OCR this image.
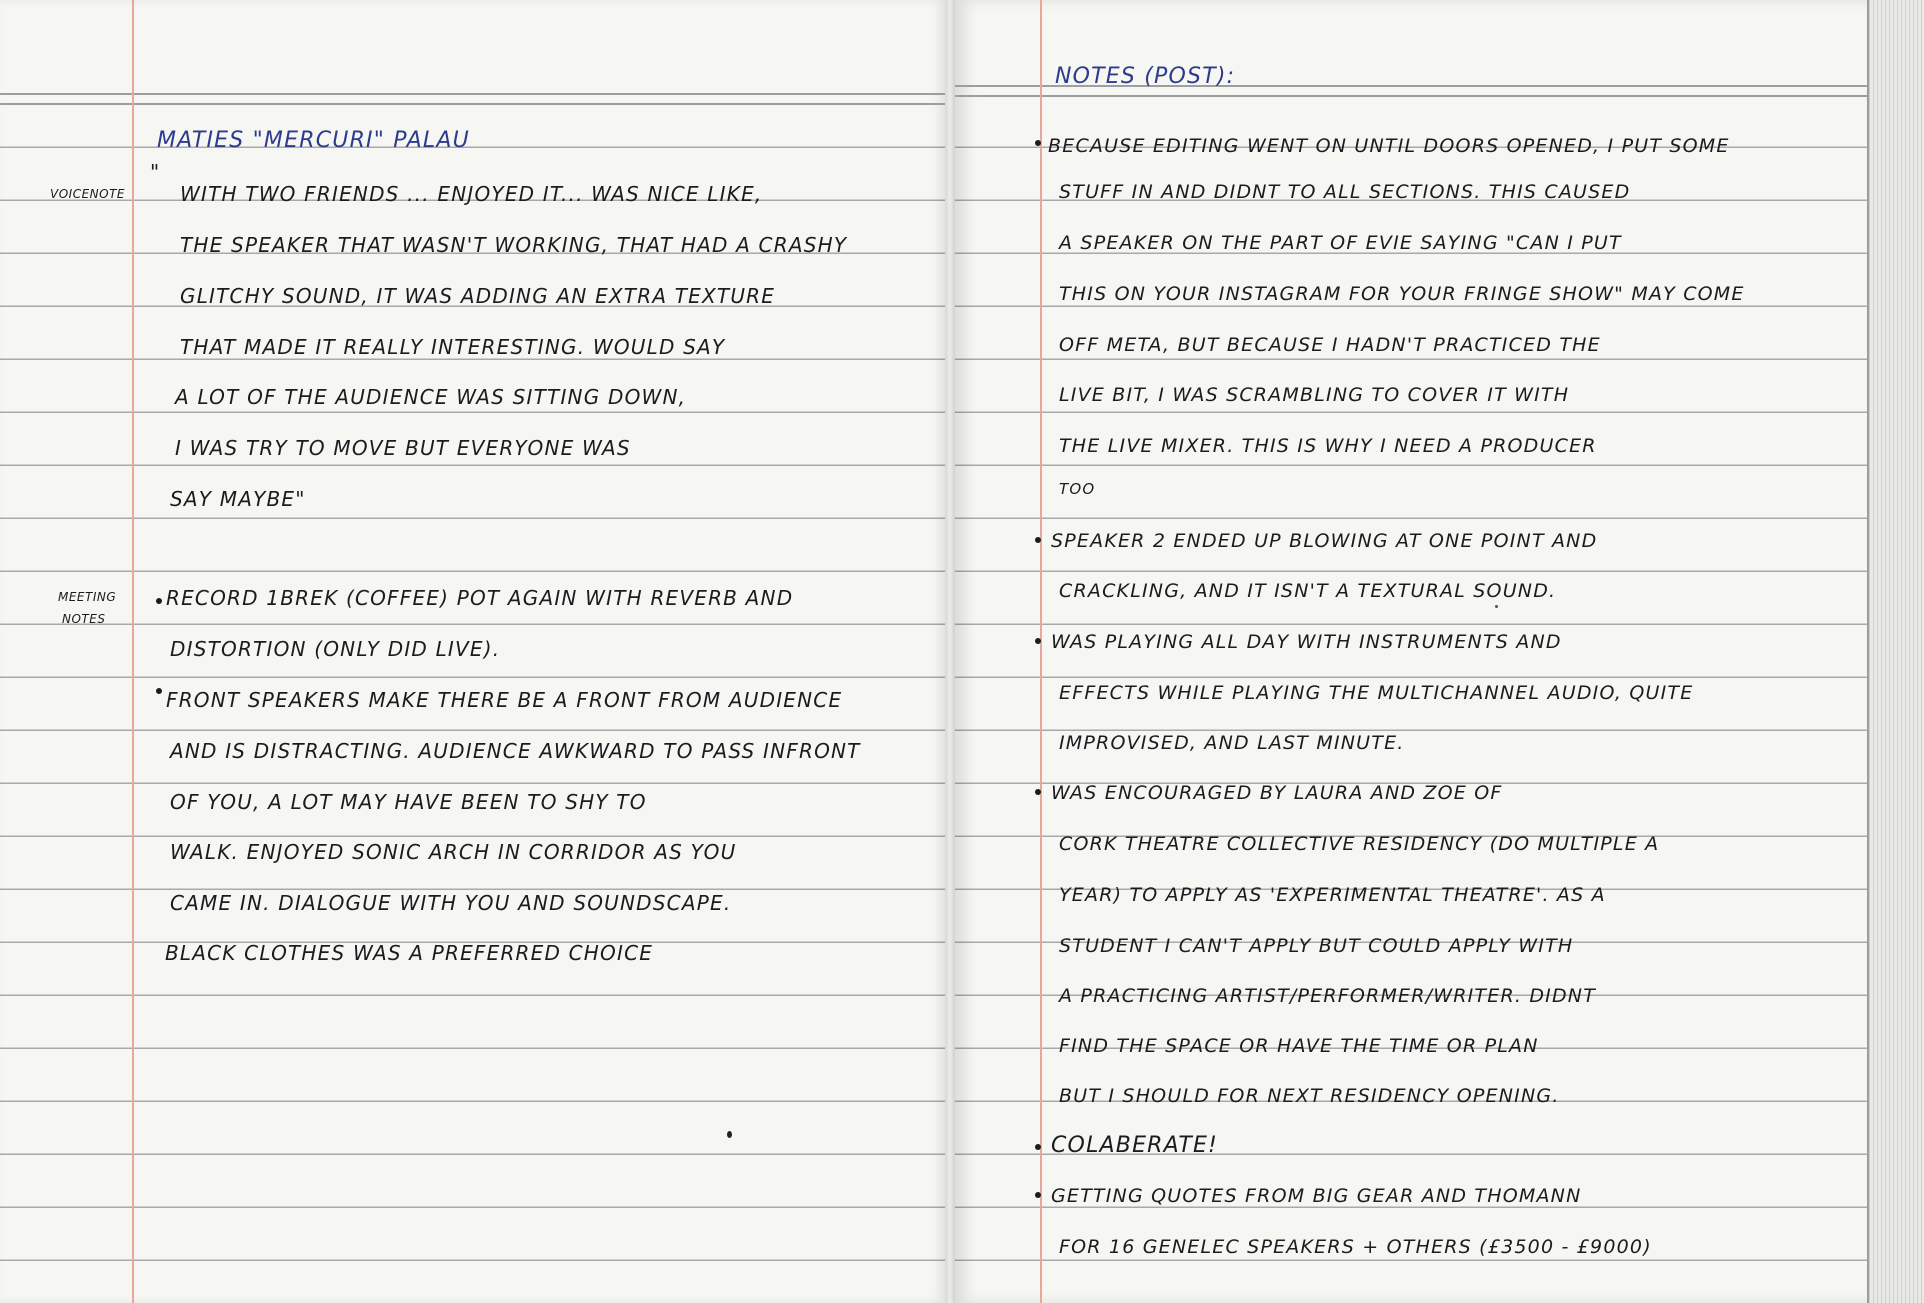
MATIES "MERCURI" PALAU
VOICENOTE
"
WITH TWO FRIENDS ... ENJOYED IT... WAS NICE LIKE,
THE SPEAKER THAT WASN'T WORKING, THAT HAD A CRASHY
GLITCHY SOUND, IT WAS ADDING AN EXTRA TEXTURE
THAT MADE IT REALLY INTERESTING. WOULD SAY
A LOT OF THE AUDIENCE WAS SITTING DOWN,
I WAS TRY TO MOVE BUT EVERYONE WAS
SAY MAYBE"
MEETING
NOTES
RECORD 1BREK (COFFEE) POT AGAIN WITH REVERB AND
DISTORTION (ONLY DID LIVE).
FRONT SPEAKERS MAKE THERE BE A FRONT FROM AUDIENCE
AND IS DISTRACTING. AUDIENCE AWKWARD TO PASS INFRONT
OF YOU, A LOT MAY HAVE BEEN TO SHY TO
WALK. ENJOYED SONIC ARCH IN CORRIDOR AS YOU
CAME IN. DIALOGUE WITH YOU AND SOUNDSCAPE.
BLACK CLOTHES WAS A PREFERRED CHOICE
NOTES (POST):
BECAUSE EDITING WENT ON UNTIL DOORS OPENED, I PUT SOME
STUFF IN AND DIDNT TO ALL SECTIONS. THIS CAUSED
A SPEAKER ON THE PART OF EVIE SAYING "CAN I PUT
THIS ON YOUR INSTAGRAM FOR YOUR FRINGE SHOW" MAY COME
OFF META, BUT BECAUSE I HADN'T PRACTICED THE
LIVE BIT, I WAS SCRAMBLING TO COVER IT WITH
THE LIVE MIXER. THIS IS WHY I NEED A PRODUCER
TOO
SPEAKER 2 ENDED UP BLOWING AT ONE POINT AND
CRACKLING, AND IT ISN'T A TEXTURAL SOUND.
WAS PLAYING ALL DAY WITH INSTRUMENTS AND
EFFECTS WHILE PLAYING THE MULTICHANNEL AUDIO, QUITE
IMPROVISED, AND LAST MINUTE.
WAS ENCOURAGED BY LAURA AND ZOE OF
CORK THEATRE COLLECTIVE RESIDENCY (DO MULTIPLE A
YEAR) TO APPLY AS 'EXPERIMENTAL THEATRE'. AS A
STUDENT I CAN'T APPLY BUT COULD APPLY WITH
A PRACTICING ARTIST/PERFORMER/WRITER. DIDNT
FIND THE SPACE OR HAVE THE TIME OR PLAN
BUT I SHOULD FOR NEXT RESIDENCY OPENING.
COLABERATE!
GETTING QUOTES FROM BIG GEAR AND THOMANN
FOR 16 GENELEC SPEAKERS + OTHERS (£3500 - £9000)
